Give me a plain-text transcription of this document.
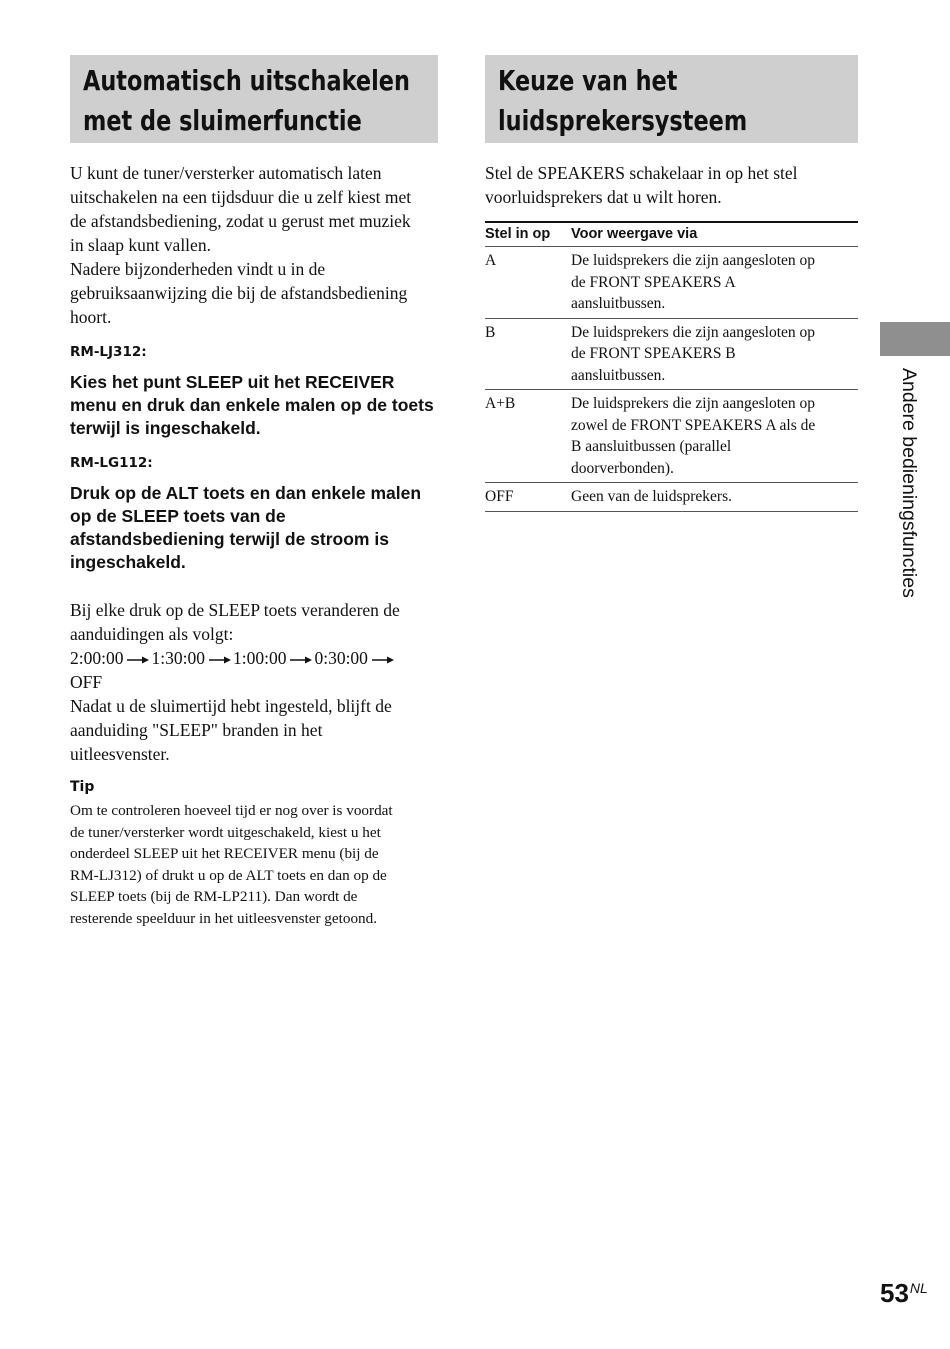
Automatisch uitschakelen
met de sluimerfunctie

U kunt de tuner/versterker automatisch laten
uitschakelen na een tijdsduur die u zelf kiest met
de afstandsbediening, zodat u gerust met muziek
in slaap kunt vallen.
Nadere bijzonderheden vindt u in de
gebruiksaanwijzing die bij de afstandsbediening
hoort.

RM-LJ312:

Kies het punt SLEEP uit het RECEIVER menu en druk dan enkele malen op de toets terwijl is ingeschakeld.

RM-LG112:

Druk op de ALT toets en dan enkele malen op de SLEEP toets van de afstandsbediening terwijl de stroom is ingeschakeld.

Bij elke druk op de SLEEP toets veranderen de
aanduidingen als volgt:
2:00:00 1:30:00 1:00:00 0:30:00
OFF
Nadat u de sluimertijd hebt ingesteld, blijft de
aanduiding "SLEEP" branden in het
uitleesvenster.

Tip

Om te controleren hoeveel tijd er nog over is voordat
de tuner/versterker wordt uitgeschakeld, kiest u het
onderdeel SLEEP uit het RECEIVER menu (bij de
RM-LJ312) of drukt u op de ALT toets en dan op de
SLEEP toets (bij de RM-LP211). Dan wordt de
resterende speelduur in het uitleesvenster getoond.

Keuze van het
luidsprekersysteem

Stel de SPEAKERS schakelaar in op het stel
voorluidsprekers dat u wilt horen.

Stel in op	Voor weergave via
A	De luidsprekers die zijn aangesloten op
de FRONT SPEAKERS A
aansluitbussen.
B	De luidsprekers die zijn aangesloten op
de FRONT SPEAKERS B
aansluitbussen.
A+B	De luidsprekers die zijn aangesloten op
zowel de FRONT SPEAKERS A als de
B aansluitbussen (parallel
doorverbonden).
OFF	Geen van de luidsprekers.	Andere bedieningsfuncties
$53^{NL}$
